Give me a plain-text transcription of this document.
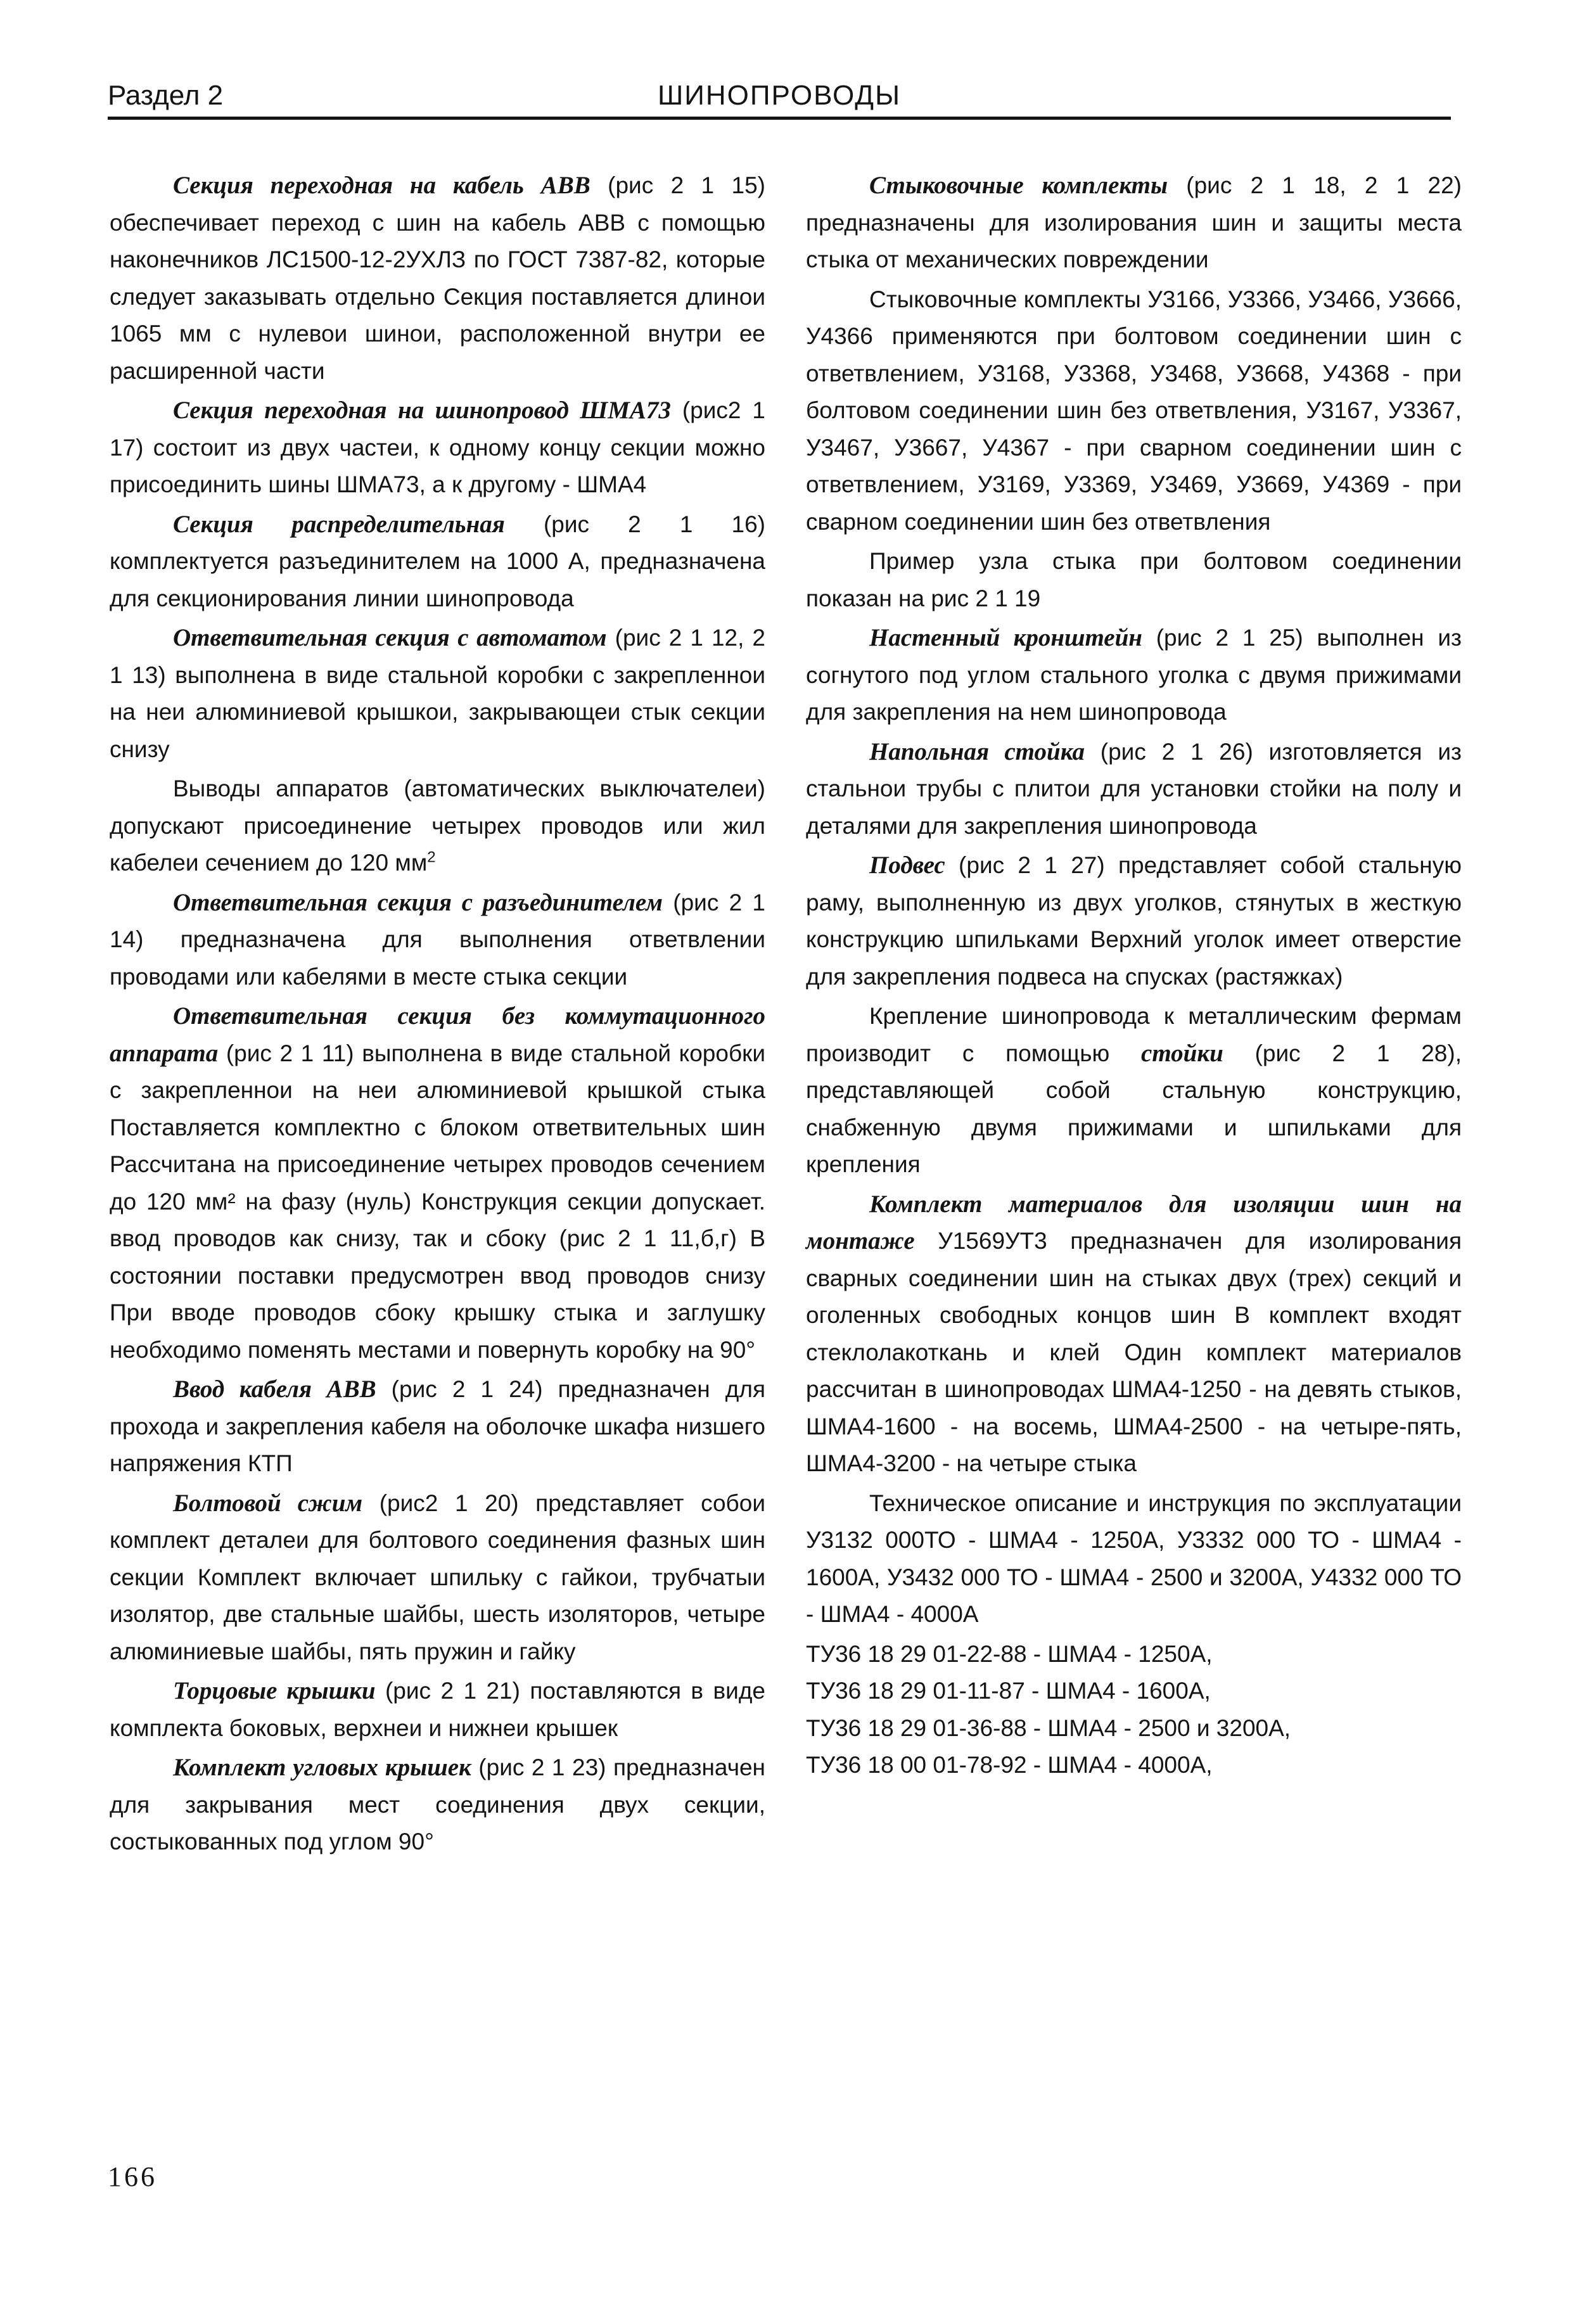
Раздел 2	ШИНОПРОВОДЫ

Секция переходная на кабель АВВ (рис 2 1 15) обеспечивает переход с шин на кабель АВВ с помощью наконечников ЛС1500-12-2УХЛЗ по ГОСТ 7387-82, которые следует заказывать отдельно Секция поставляется длинои 1065 мм с нулевои шинои, расположенной внутри ее расширенной части

Секция переходная на шинопровод ШМА73 (рис2 1 17) состоит из двух частеи, к одному концу секции можно присоединить шины ШМА73, а к другому - ШМА4

Секция распределительная (рис 2 1 16) комплектуется разъединителем на 1000 А, предназначена для секционирования линии шинопровода

Ответвительная секция с автоматом (рис 2 1 12, 2 1 13) выполнена в виде стальной коробки с закрепленнои на неи алюминиевой крышкои, закрывающеи стык секции снизу

Выводы аппаратов (автоматических выключателеи) допускают присоединение четырех проводов или жил кабелеи сечением до 120 $мм^2$

Ответвительная секция с разъединителем (рис 2 1 14) предназначена для выполнения ответвлении проводами или кабелями в месте стыка секции

Ответвительная секция без коммутационного аппарата (рис 2 1 11) выполнена в виде стальной коробки с закрепленнои на неи алюминиевой крышкой стыка Поставляется комплектно с блоком ответвительных шин Рассчитана на присоединение четырех проводов сечением до 120 мм² на фазу (нуль) Конструкция секции допускает. ввод проводов как снизу, так и сбоку (рис 2 1 11,б,г) В состоянии поставки предусмотрен ввод проводов снизу При вводе проводов сбоку крышку стыка и заглушку необходимо поменять местами и повернуть коробку на 90°

Ввод кабеля АВВ (рис 2 1 24) предназначен для прохода и закрепления кабеля на оболочке шкафа низшего напряжения КТП

Болтовой сжим (рис2 1 20) представляет собои комплект деталеи для болтового соединения фазных шин секции Комплект включает шпильку с гайкои, трубчатыи изолятор, две стальные шайбы, шесть изоляторов, четыре алюминиевые шайбы, пять пружин и гайку

Торцовые крышки (рис 2 1 21) поставляются в виде комплекта боковых, верхнеи и нижнеи крышек

Комплект угловых крышек (рис 2 1 23) предназначен для закрывания мест соединения двух секции, состыкованных под углом 90°

Стыковочные комплекты (рис 2 1 18, 2 1 22) предназначены для изолирования шин и защиты места стыка от механических повреждении

Стыковочные комплекты У3166, У3366, У3466, У3666, У4366 применяются при болтовом соединении шин с ответвлением, У3168, У3368, У3468, У3668, У4368 - при болтовом соединении шин без ответвления, У3167, У3367, У3467, У3667, У4367 - при сварном соединении шин с ответвлением, У3169, У3369, У3469, У3669, У4369 - при сварном соединении шин без ответвления

Пример узла стыка при болтовом соединении показан на рис 2 1 19

Настенный кронштейн (рис 2 1 25) выполнен из согнутого под углом стального уголка с двумя прижимами для закрепления на нем шинопровода

Напольная стойка (рис 2 1 26) изготовляется из стальнои трубы с плитои для установки стойки на полу и деталями для закрепления шинопровода

Подвес (рис 2 1 27) представляет собой стальную раму, выполненную из двух уголков, стянутых в жесткую конструкцию шпильками Верхний уголок имеет отверстие для закрепления подвеса на спусках (растяжках)

Крепление шинопровода к металлическим фермам производит с помощью стойки (рис 2 1 28), представляющей собой стальную конструкцию, снабженную двумя прижимами и шпильками для крепления

Комплект материалов для изоляции шин на монтаже У1569УТ3 предназначен для изолирования сварных соединении шин на стыках двух (трех) секций и оголенных свободных концов шин В комплект входят стеклолакоткань и клей Один комплект материалов рассчитан в шинопроводах ШМА4-1250 - на девять стыков, ШМА4-1600 - на восемь, ШМА4-2500 - на четыре-пять, ШМА4-3200 - на четыре стыка

Техническое описание и инструкция по эксплуатации У3132 000ТО - ШМА4 - 1250А, У3332 000 ТО - ШМА4 - 1600А, У3432 000 ТО - ШМА4 - 2500 и 3200А, У4332 000 ТО - ШМА4 - 4000А

ТУ36 18 29 01-22-88 - ШМА4 - 1250А,

ТУ36 18 29 01-11-87 - ШМА4 - 1600А,

ТУ36 18 29 01-36-88 - ШМА4 - 2500 и 3200А,

ТУ36 18 00 01-78-92 - ШМА4 - 4000А,

166
